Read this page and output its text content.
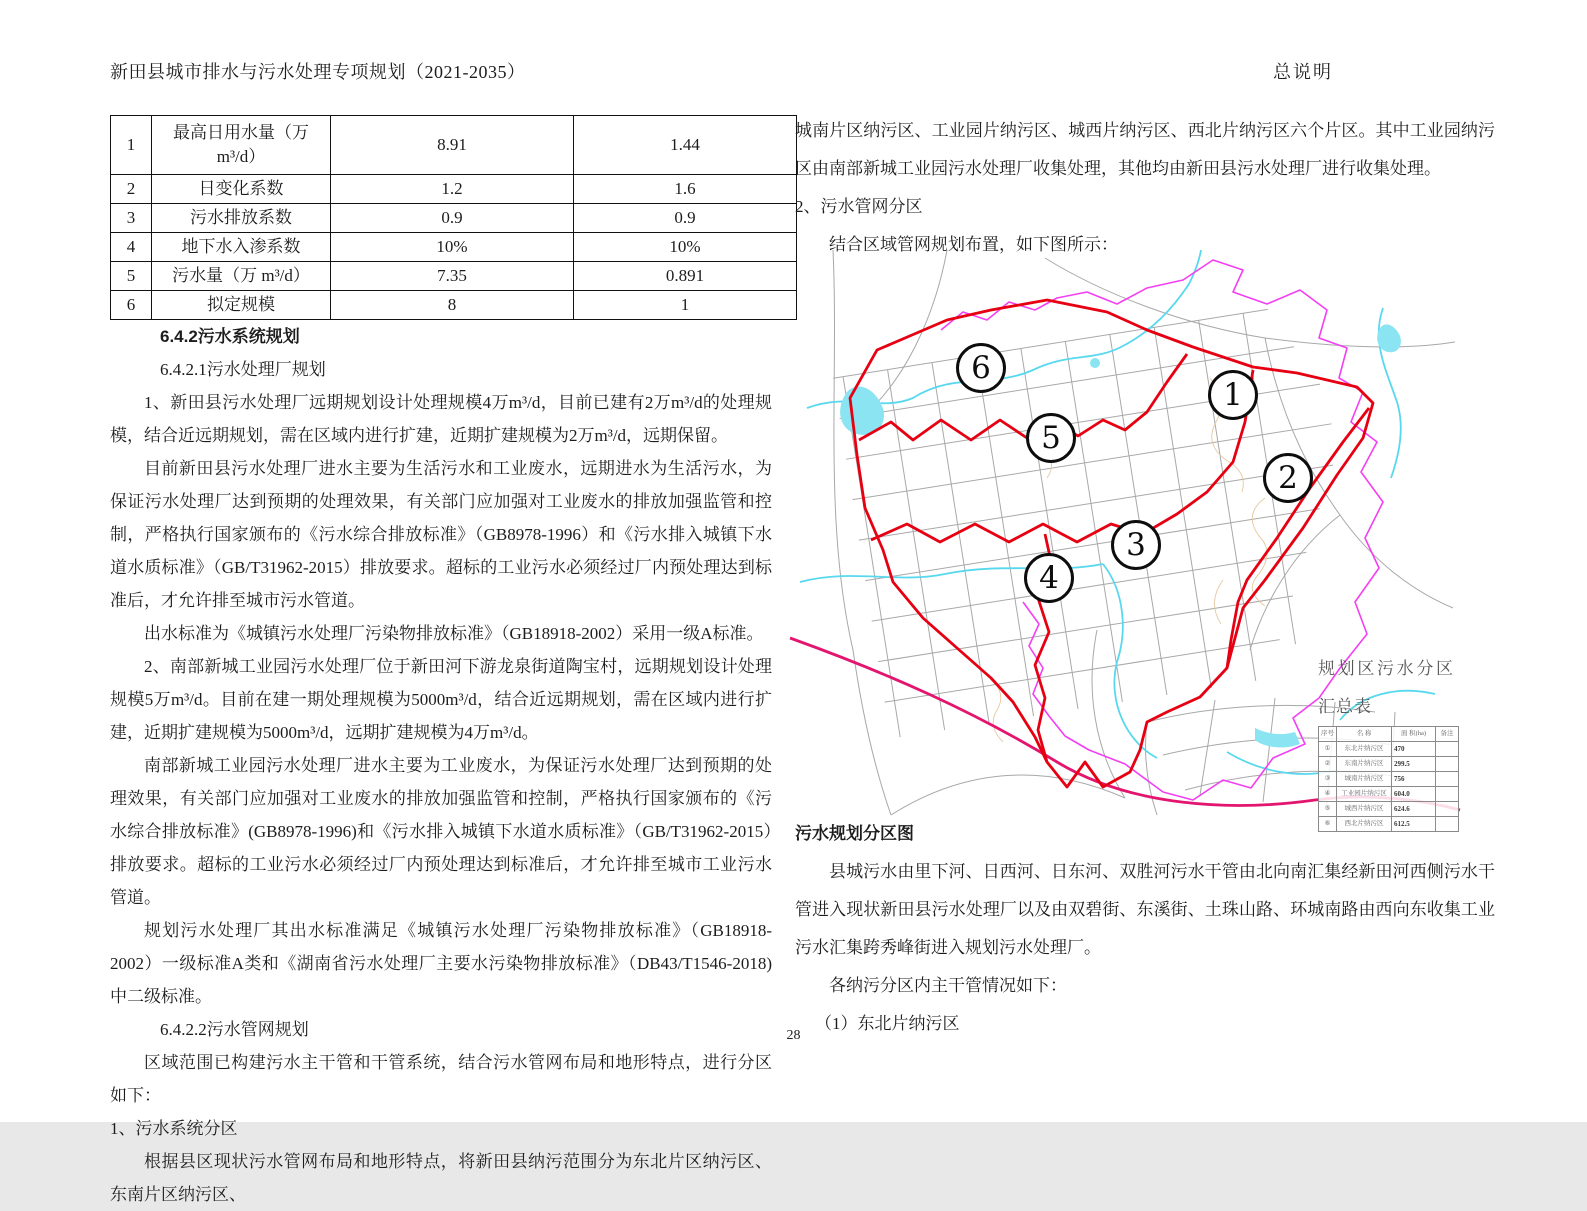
新田县城市排水与污水处理专项规划（2021-2035）	总说明
1	最高日用水量（万 m³/d）	8.91	1.44
2	日变化系数	1.2	1.6
3	污水排放系数	0.9	0.9
4	地下水入渗系数	10%	10%
5	污水量（万 m³/d）	7.35	0.891
6	拟定规模	8	1

6.4.2污水系统规划

6.4.2.1污水处理厂规划

1、新田县污水处理厂远期规划设计处理规模4万m³/d，目前已建有2万m³/d的处理规模，结合近远期规划，需在区域内进行扩建，近期扩建规模为2万m³/d，远期保留。

目前新田县污水处理厂进水主要为生活污水和工业废水，远期进水为生活污水，为保证污水处理厂达到预期的处理效果，有关部门应加强对工业废水的排放加强监管和控制，严格执行国家颁布的《污水综合排放标准》（GB8978-1996）和《污水排入城镇下水道水质标准》（GB/T31962-2015）排放要求。超标的工业污水必须经过厂内预处理达到标准后，才允许排至城市污水管道。

出水标准为《城镇污水处理厂污染物排放标准》（GB18918-2002）采用一级A标准。

2、南部新城工业园污水处理厂位于新田河下游龙泉街道陶宝村，远期规划设计处理规模5万m³/d。目前在建一期处理规模为5000m³/d，结合近远期规划，需在区域内进行扩建，近期扩建规模为5000m³/d，远期扩建规模为4万m³/d。

南部新城工业园污水处理厂进水主要为工业废水，为保证污水处理厂达到预期的处理效果，有关部门应加强对工业废水的排放加强监管和控制，严格执行国家颁布的《污水综合排放标准》(GB8978-1996)和《污水排入城镇下水道水质标准》（GB/T31962-2015）排放要求。超标的工业污水必须经过厂内预处理达到标准后，才允许排至城市工业污水管道。

规划污水处理厂其出水标准满足《城镇污水处理厂污染物排放标准》（GB18918-2002）一级标准A类和《湖南省污水处理厂主要水污染物排放标准》（DB43/T1546-2018)中二级标准。

6.4.2.2污水管网规划

区域范围已构建污水主干管和干管系统，结合污水管网布局和地形特点，进行分区如下：

1、污水系统分区

根据县区现状污水管网布局和地形特点，将新田县纳污范围分为东北片区纳污区、东南片区纳污区、

城南片区纳污区、工业园片纳污区、城西片纳污区、西北片纳污区六个片区。其中工业园纳污区由南部新城工业园污水处理厂收集处理，其他均由新田县污水处理厂进行收集处理。

2、污水管网分区

结合区域管网规划布置，如下图所示：

6
1
5
2
3
4

规划区污水分区汇总表

序号	名 称	面 积(ha)	备注
①	东北片纳污区	470	
②	东南片纳污区	299.5	
③	城南片纳污区	756	
④	工业园片纳污区	604.0	
⑤	城西片纳污区	624.6	
⑥	西北片纳污区	612.5	

污水规划分区图

县城污水由里下河、日西河、日东河、双胜河污水干管由北向南汇集经新田河西侧污水干管进入现状新田县污水处理厂以及由双碧街、东溪街、土珠山路、环城南路由西向东收集工业污水汇集跨秀峰街进入规划污水处理厂。

各纳污分区内主干管情况如下：

（1）东北片纳污区

28
